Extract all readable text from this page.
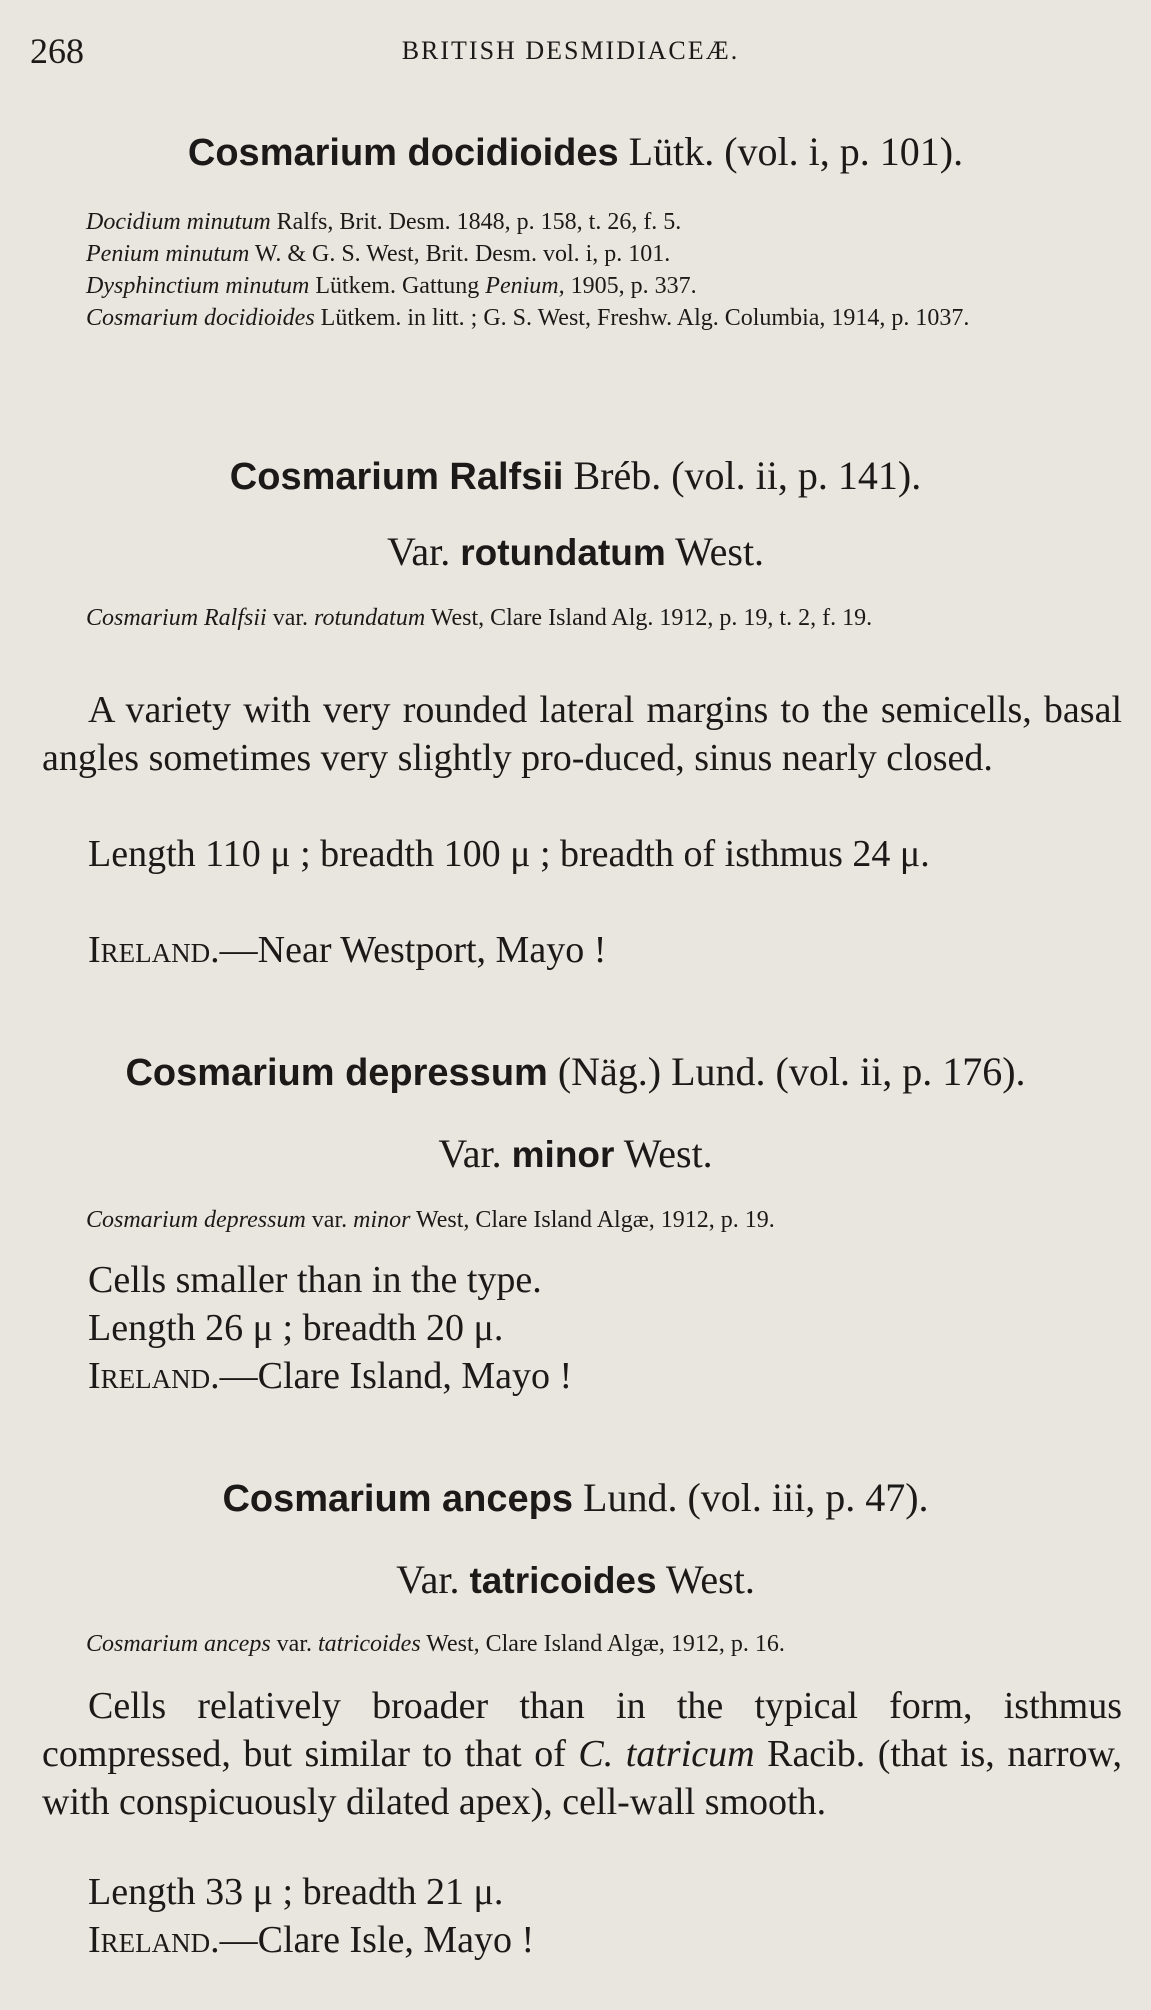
268	BRITISH DESMIDIACEÆ.
Cosmarium docidioides Lütk. (vol. i, p. 101).
Docidium minutum Ralfs, Brit. Desm. 1848, p. 158, t. 26, f. 5.
Penium minutum W. & G. S. West, Brit. Desm. vol. i, p. 101.
Dysphinctium minutum Lütkem. Gattung Penium, 1905, p. 337.
Cosmarium docidioides Lütkem. in litt. ; G. S. West, Freshw. Alg. Columbia, 1914, p. 1037.
Cosmarium Ralfsii Bréb. (vol. ii, p. 141).
Var. rotundatum West.
Cosmarium Ralfsii var. rotundatum West, Clare Island Alg. 1912, p. 19, t. 2, f. 19.
A variety with very rounded lateral margins to the semicells, basal angles sometimes very slightly pro-duced, sinus nearly closed.
Length 110 μ ; breadth 100 μ ; breadth of isthmus 24 μ.
Ireland.—Near Westport, Mayo !
Cosmarium depressum (Näg.) Lund. (vol. ii, p. 176).
Var. minor West.
Cosmarium depressum var. minor West, Clare Island Algæ, 1912, p. 19.
Cells smaller than in the type.
Length 26 μ ; breadth 20 μ.
Ireland.—Clare Island, Mayo !
Cosmarium anceps Lund. (vol. iii, p. 47).
Var. tatricoides West.
Cosmarium anceps var. tatricoides West, Clare Island Algæ, 1912, p. 16.
Cells relatively broader than in the typical form, isthmus compressed, but similar to that of C. tatricum Racib. (that is, narrow, with conspicuously dilated apex), cell-wall smooth.
Length 33 μ ; breadth 21 μ.
Ireland.—Clare Isle, Mayo !
